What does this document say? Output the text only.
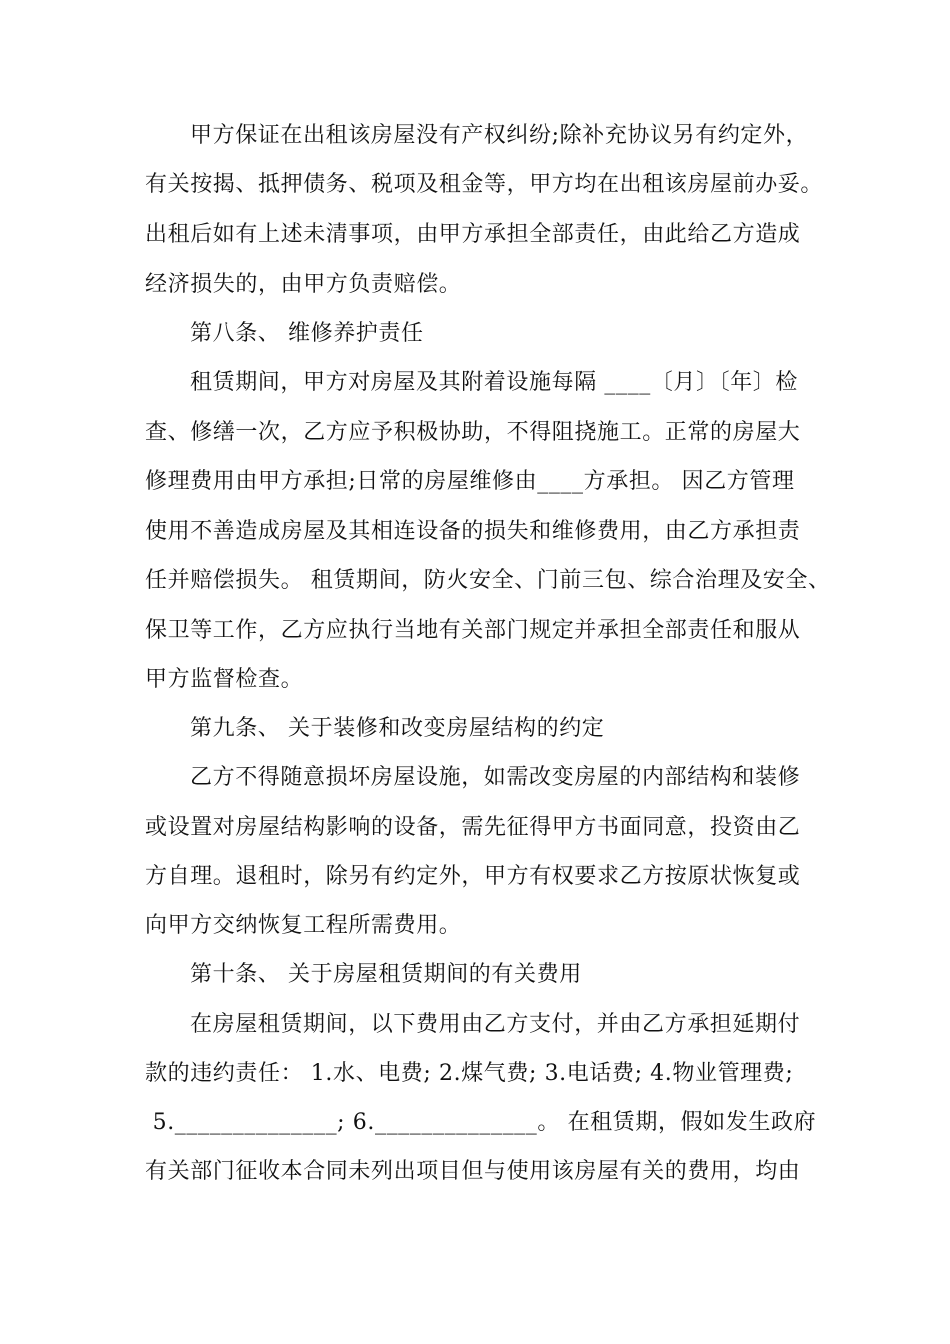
甲方保证在出租该房屋没有产权纠纷;除补充协议另有约定外，
有关按揭、抵押债务、税项及租金等，甲方均在出租该房屋前办妥。
出租后如有上述未清事项，由甲方承担全部责任，由此给乙方造成
经济损失的，由甲方负责赔偿。
第八条、 维修养护责任
租赁期间，甲方对房屋及其附着设施每隔 ____〔月〕〔年〕检
查、修缮一次，乙方应予积极协助，不得阻挠施工。正常的房屋大
修理费用由甲方承担;日常的房屋维修由____方承担。 因乙方管理
使用不善造成房屋及其相连设备的损失和维修费用，由乙方承担责
任并赔偿损失。 租赁期间，防火安全、门前三包、综合治理及安全、
保卫等工作，乙方应执行当地有关部门规定并承担全部责任和服从
甲方监督检查。
第九条、 关于装修和改变房屋结构的约定
乙方不得随意损坏房屋设施，如需改变房屋的内部结构和装修
或设置对房屋结构影响的设备，需先征得甲方书面同意，投资由乙
方自理。退租时，除另有约定外，甲方有权要求乙方按原状恢复或
向甲方交纳恢复工程所需费用。
第十条、 关于房屋租赁期间的有关费用
在房屋租赁期间，以下费用由乙方支付，并由乙方承担延期付
款的违约责任： 1.水、电费; 2.煤气费; 3.电话费; 4.物业管理费;
5.______________; 6.______________。 在租赁期，假如发生政府
有关部门征收本合同未列出项目但与使用该房屋有关的费用，均由
